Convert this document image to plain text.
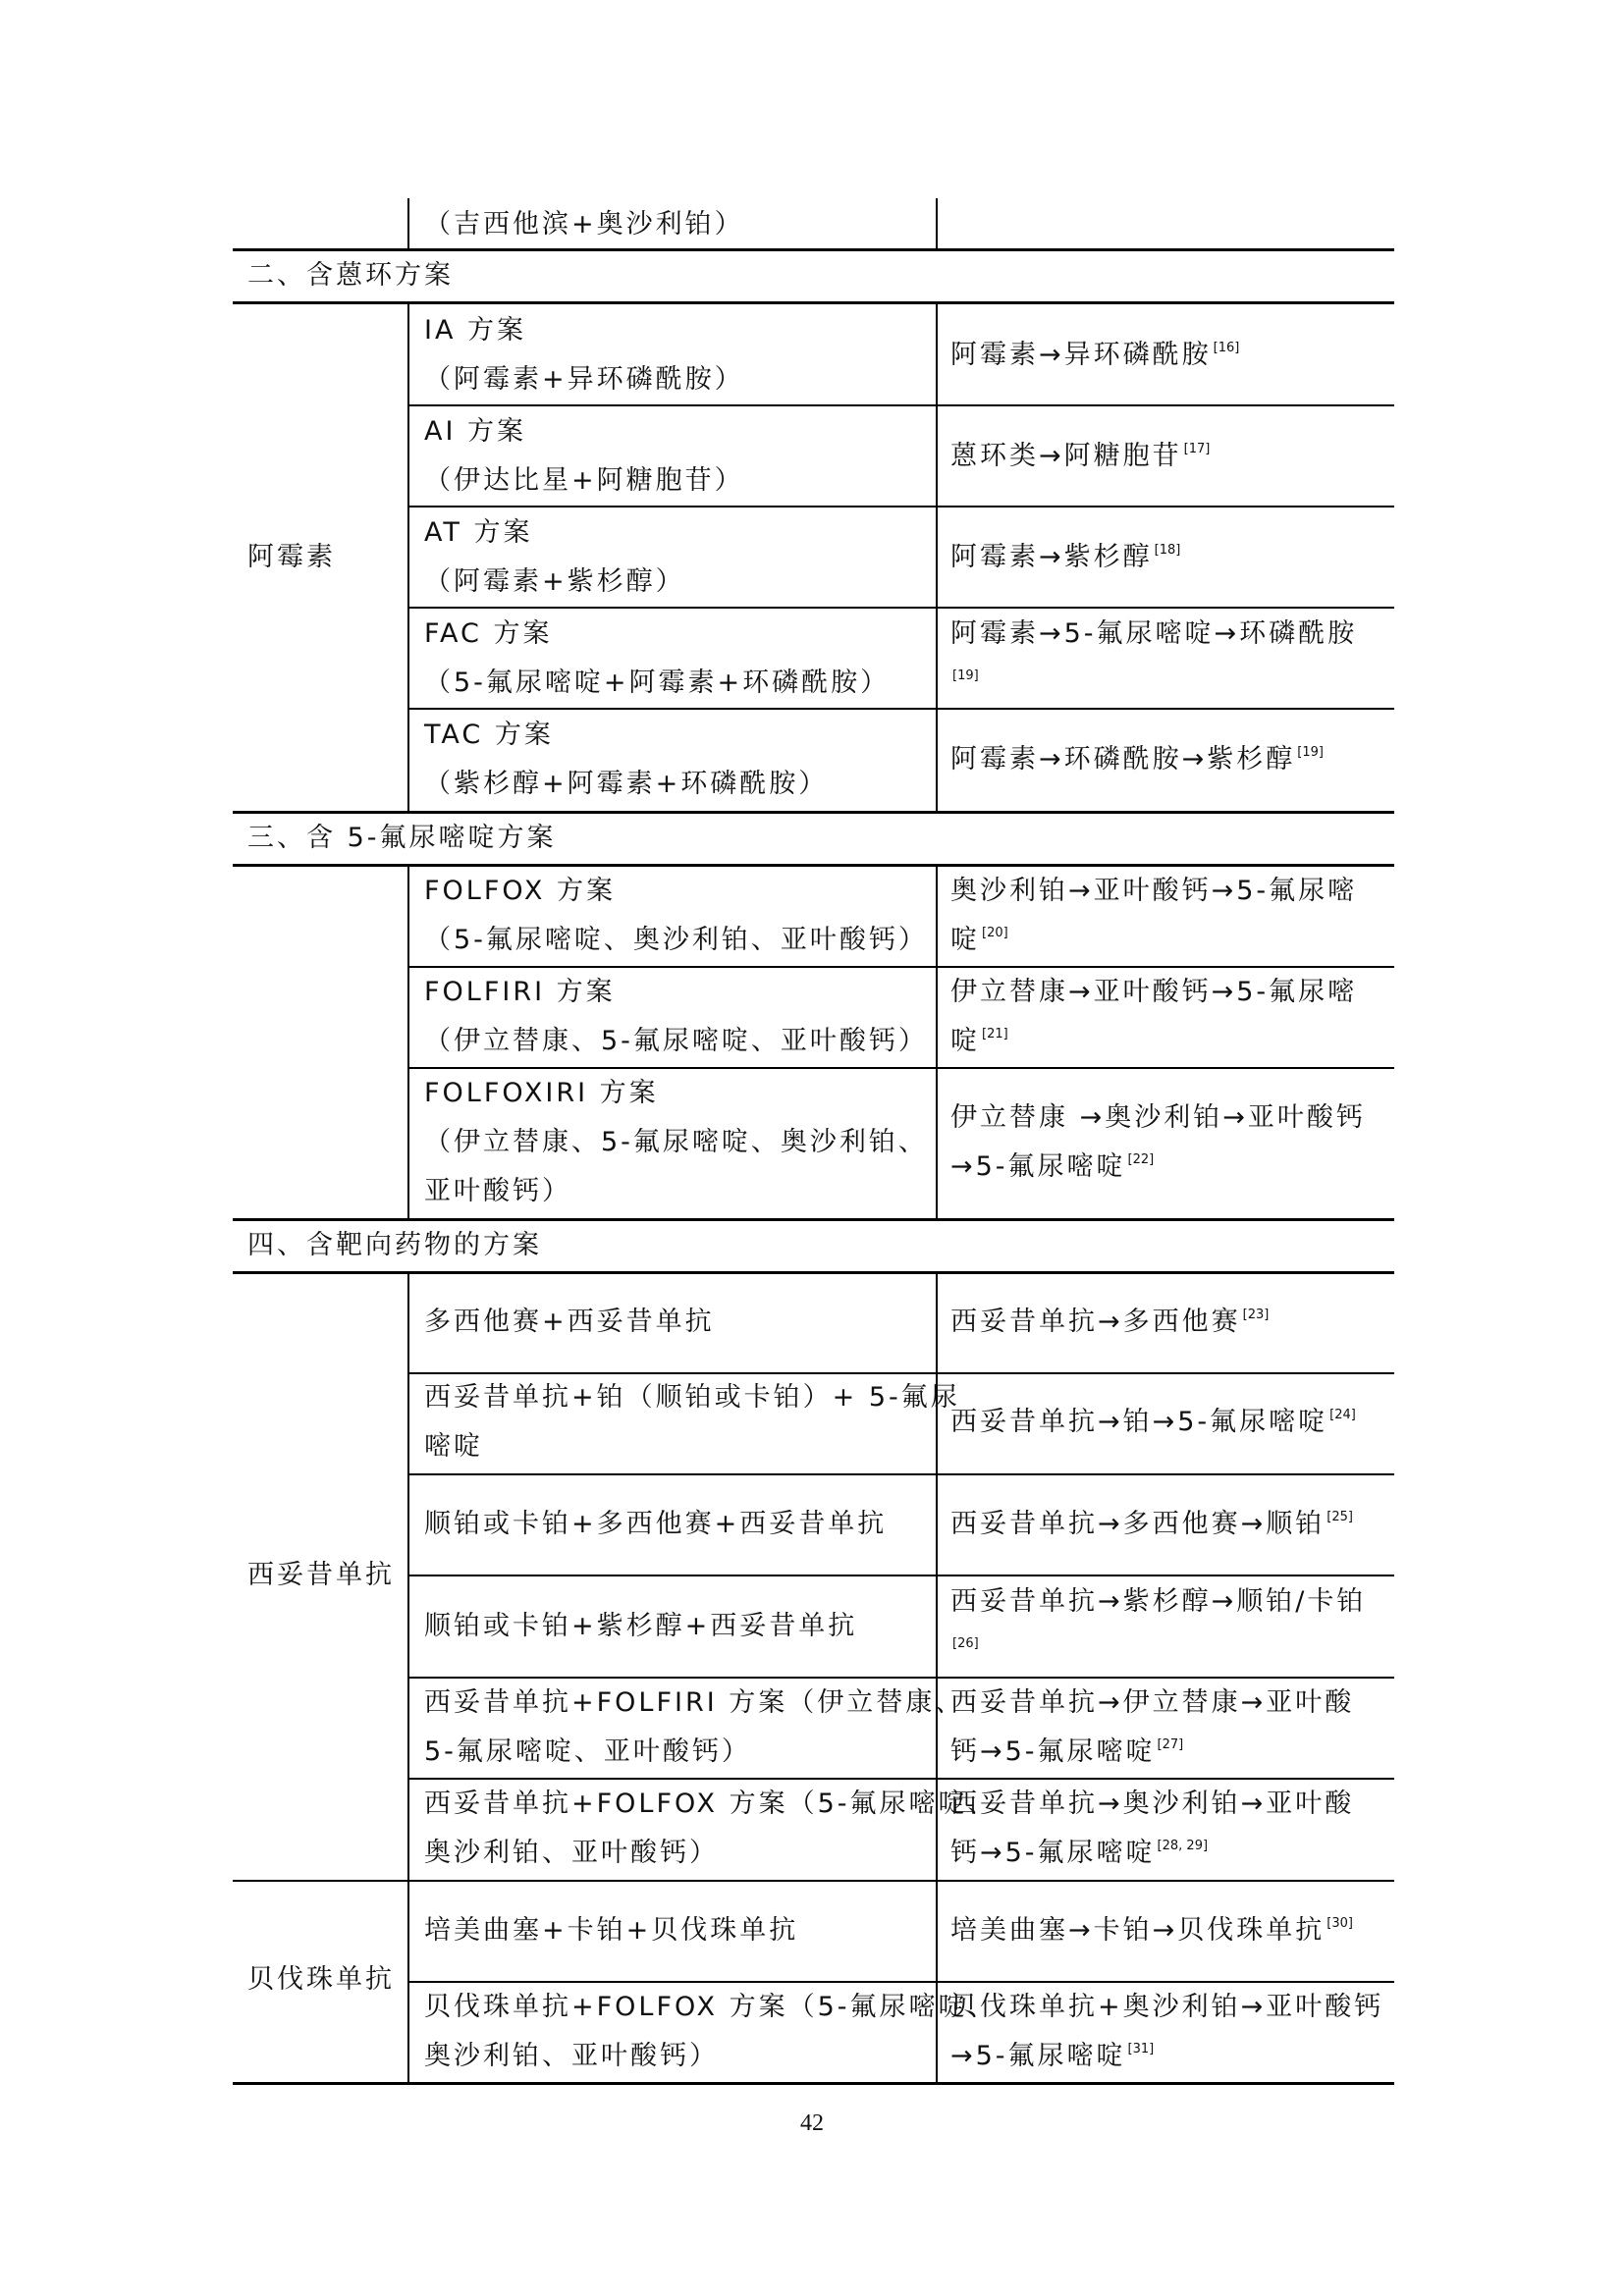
（吉西他滨+奥沙利铂）
二、含蒽环方案
阿霉素
IA 方案
（阿霉素+异环磷酰胺）
阿霉素→异环磷酰胺 [16]
AI 方案
（伊达比星+阿糖胞苷）
蒽环类→阿糖胞苷 [17]
AT 方案
（阿霉素+紫杉醇）
阿霉素→紫杉醇 [18]
FAC 方案
（5-氟尿嘧啶+阿霉素+环磷酰胺）
阿霉素→5-氟尿嘧啶→环磷酰胺
[19]
TAC 方案
（紫杉醇+阿霉素+环磷酰胺）
阿霉素→环磷酰胺→紫杉醇 [19]
三、含 5-氟尿嘧啶方案
FOLFOX 方案
（5-氟尿嘧啶、奥沙利铂、亚叶酸钙）
奥沙利铂→亚叶酸钙→5-氟尿嘧
啶 [20]
FOLFIRI 方案
（伊立替康、5-氟尿嘧啶、亚叶酸钙）
伊立替康→亚叶酸钙→5-氟尿嘧
啶 [21]
FOLFOXIRI 方案
（伊立替康、5-氟尿嘧啶、奥沙利铂、
亚叶酸钙）
伊立替康 →奥沙利铂→亚叶酸钙
→5-氟尿嘧啶 [22]
四、含靶向药物的方案
西妥昔单抗
多西他赛+西妥昔单抗	西妥昔单抗→多西他赛 [23]
西妥昔单抗+铂（顺铂或卡铂）+ 5-氟尿
嘧啶
西妥昔单抗→铂→5-氟尿嘧啶 [24]
顺铂或卡铂+多西他赛+西妥昔单抗 西妥昔单抗→多西他赛→顺铂 [25]
顺铂或卡铂+紫杉醇+西妥昔单抗
西妥昔单抗→紫杉醇→顺铂/卡铂
[26]
西妥昔单抗+FOLFIRI 方案（伊立替康、
5-氟尿嘧啶、亚叶酸钙）
西妥昔单抗→伊立替康→亚叶酸
钙→5-氟尿嘧啶 [27]
西妥昔单抗+FOLFOX 方案（5-氟尿嘧啶、
奥沙利铂、亚叶酸钙）
西妥昔单抗→奥沙利铂→亚叶酸
钙→5-氟尿嘧啶 [28, 29]
贝伐珠单抗
培美曲塞+卡铂+贝伐珠单抗	培美曲塞→卡铂→贝伐珠单抗 [30]
贝伐珠单抗+FOLFOX 方案（5-氟尿嘧啶、
奥沙利铂、亚叶酸钙）
贝伐珠单抗+奥沙利铂→亚叶酸钙
→5-氟尿嘧啶 [31]
42
